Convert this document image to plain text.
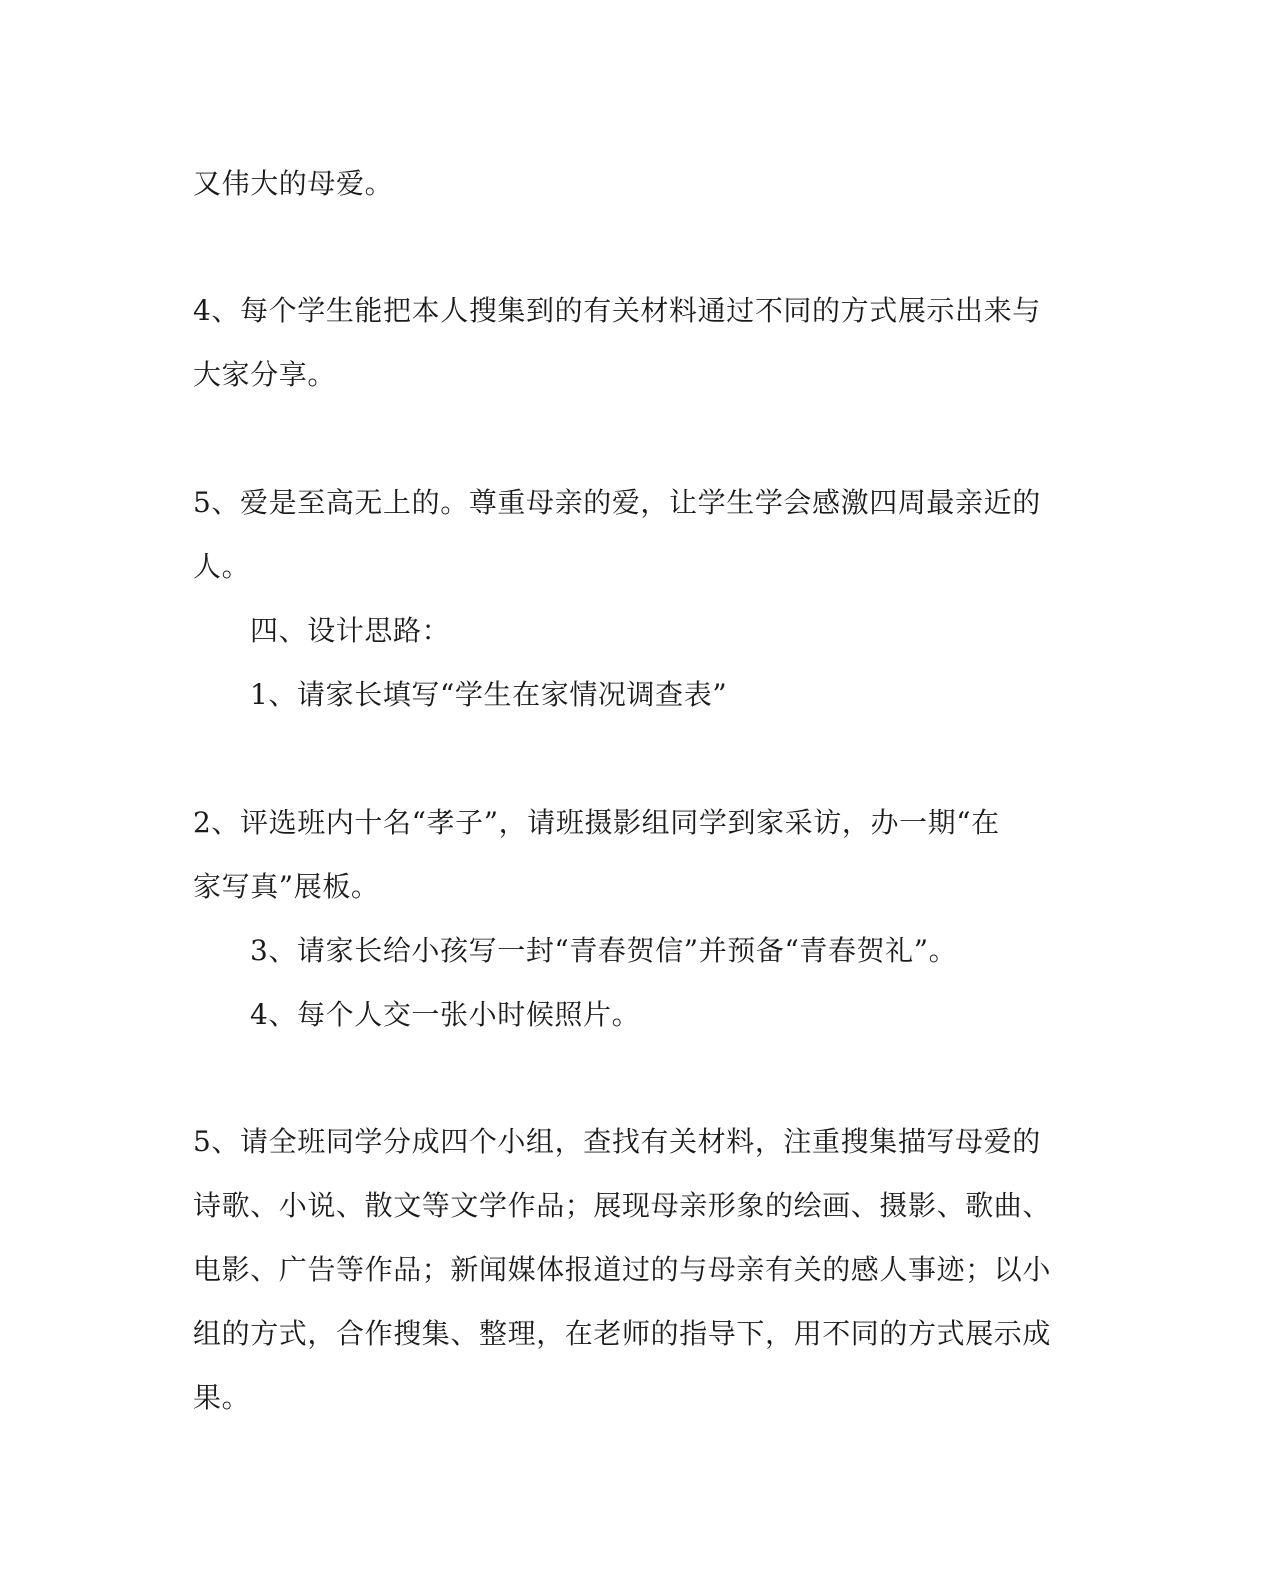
又伟大的母爱。

4、每个学生能把本人搜集到的有关材料通过不同的方式展示出来与

大家分享。

5、爱是至高无上的。尊重母亲的爱，让学生学会感激四周最亲近的

人。

四、设计思路：

1、请家长填写“学生在家情况调查表”

2、评选班内十名“孝子”，请班摄影组同学到家采访，办一期“在

家写真”展板。

3、请家长给小孩写一封“青春贺信”并预备“青春贺礼”。

4、每个人交一张小时候照片。

5、请全班同学分成四个小组，查找有关材料，注重搜集描写母爱的

诗歌、小说、散文等文学作品；展现母亲形象的绘画、摄影、歌曲、

电影、广告等作品；新闻媒体报道过的与母亲有关的感人事迹；以小

组的方式，合作搜集、整理，在老师的指导下，用不同的方式展示成

果。
